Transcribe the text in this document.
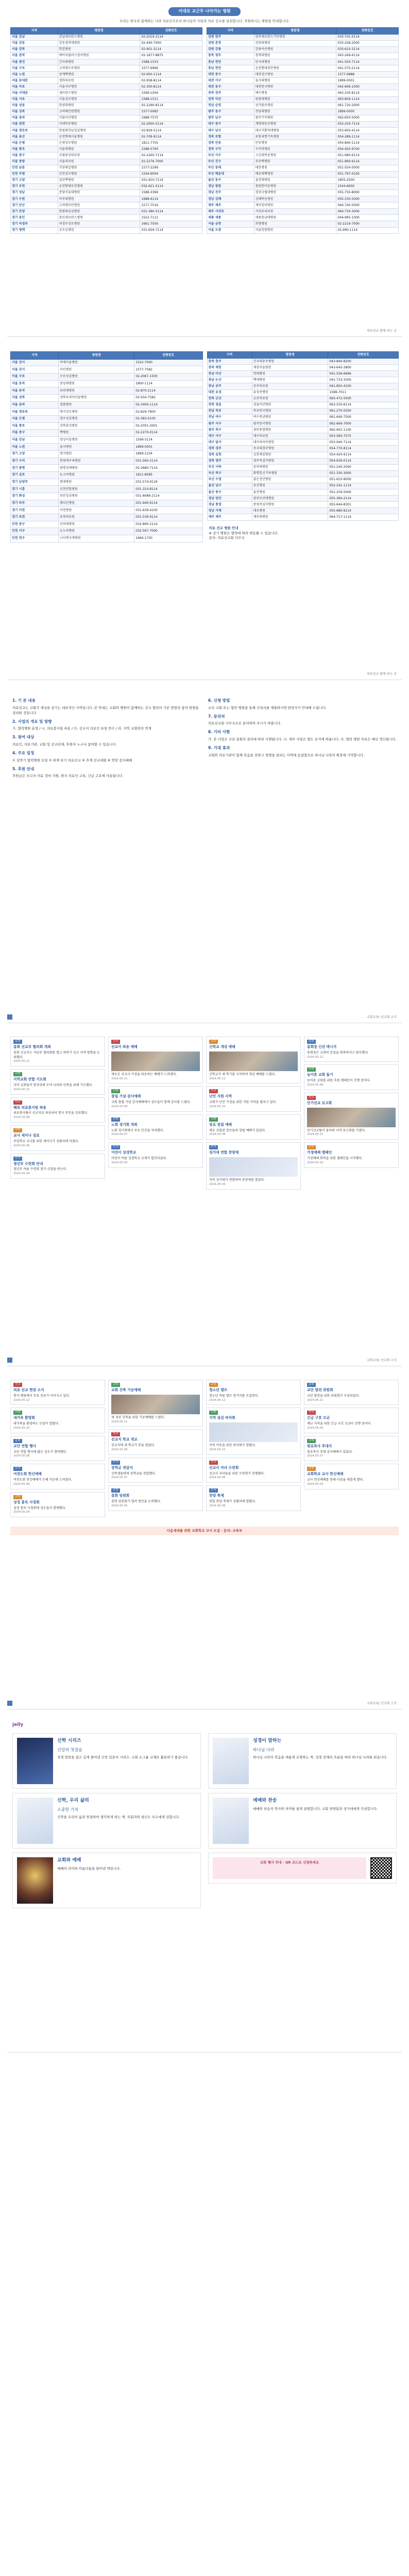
이대로 교근무 나아가는 병원

우리는 한국과 함께하는 나라 의료인으로서 하나님의 사랑과 의료 선교를 실천합니다. 후원하시는 병원을 안내합니다.

지역	병원명	전화번호
서울 강남	강남세브란스병원	02-2019-3114
서울 강동	강동경희대병원	02-440-7000
서울 강북	한일병원	02-901-3114
서울 관악	에이치플러스양지병원	02-1877-8875
서울 광진	건국대병원	1588-1533
서울 구로	고려대구로병원	1577-9966
서울 노원	상계백병원	02-950-1114
서울 동대문	경희의료원	02-958-8114
서울 마포	서울서부병원	02-300-8114
서울 서대문	세브란스병원	1599-1004
서울 서초	서울성모병원	1588-1511
서울 성동	한양대병원	02-2290-8114
서울 성북	고려대안암병원	1577-0083
서울 송파	서울아산병원	1688-7575
서울 양천	이대목동병원	02-2650-5114
서울 영등포	한림대강남성심병원	02-829-5114
서울 용산	순천향대서울병원	02-709-9114
서울 은평	은평성모병원	1811-7755
서울 종로	서울대병원	1588-5700
서울 중구	국립중앙의료원	02-2260-7114
서울 중랑	서울의료원	02-2276-7000
인천 남동	가천대길병원	1577-2299
인천 부평	인천성모병원	1544-9004
경기 고양	일산백병원	031-910-7114
경기 부천	순천향대부천병원	032-621-5114
경기 성남	분당서울대병원	1588-3369
경기 수원	아주대병원	1688-6114
경기 안산	고려대안산병원	1577-7516
경기 안양	한림대성심병원	031-380-3114
경기 용인	용인세브란스병원	1522-7112
경기 의정부	의정부성모병원	1661-7500
경기 평택	굿모닝병원	031-659-7114
지역	병원명	전화번호
강원 원주	원주세브란스기독병원	033-741-0114
강원 춘천	강원대병원	033-258-2000
강원 강릉	강릉아산병원	033-610-3114
충북 청주	충북대병원	043-269-6114
충남 천안	단국대병원	041-550-7114
충남 천안	순천향대천안병원	041-570-2114
대전 중구	대전성모병원	1577-0888
대전 서구	을지대병원	1899-0001
대전 동구	대전한국병원	042-606-1000
전북 전주	예수병원	063-230-8114
전북 익산	원광대병원	063-859-1114
전남 순천	성가롤로병원	061-720-2000
광주 동구	전남대병원	1899-0000
광주 남구	광주기독병원	062-650-5000
대구 중구	계명대동산병원	053-250-7114
대구 남구	대구가톨릭대병원	053-650-4114
경북 포항	포항세명기독병원	054-289-1114
경북 안동	안동병원	054-840-1114
경북 구미	구미차병원	054-450-9700
부산 서구	고신대복음병원	051-990-6114
부산 진구	부산백병원	051-890-6114
부산 동래	대동병원	051-554-5000
부산 해운대	해운대백병원	051-797-0100
울산 동구	울산대병원	1855-2500
경남 창원	창원한마음병원	1544-6600
경남 진주	경상국립대병원	055-750-8000
경남 김해	김해복음병원	055-330-5000
제주 제주	제주한라병원	064-740-5000
제주 서귀포	서귀포의료원	064-730-3000
세종 세종	세종충남대병원	044-995-1000
서울 금천	희명병원	02-2219-7000
서울 도봉	서울한방병원	02-990-1114
의료선교 함께 하는 곳
지역	병원명	전화번호
서울 강서	이대서울병원	1522-7000
서울 강서	부민병원	1577-7582
서울 구로	구로성심병원	02-2067-1500
서울 동작	중앙대병원	1800-1114
서울 동작	보라매병원	02-870-2114
서울 성북	성북우리아이들병원	02-934-7582
서울 송파	경찰병원	02-3400-1114
서울 영등포	명지성모병원	02-829-7800
서울 은평	청구성심병원	02-383-0100
서울 종로	강북삼성병원	02-2001-2001
서울 중구	백병원	02-2270-0114
서울 강남	삼성서울병원	1599-3114
서울 노원	을지병원	1899-0001
경기 고양	명지병원	1899-1234
경기 구리	한양대구리병원	031-560-2114
경기 광명	광명성애병원	02-2680-7114
경기 김포	뉴고려병원	1811-8585
경기 남양주	현대병원	031-574-9119
경기 시흥	신천연합병원	031-310-8114
경기 화성	동탄성심병원	031-8086-2114
경기 파주	메디인병원	031-940-9114
경기 이천	이천병원	031-639-4100
경기 포천	포천의료원	031-539-9114
인천 중구	인하대병원	032-890-2114
인천 서구	온누리병원	032-567-7000
인천 연수	나사렛국제병원	1666-1700
지역	병원명	전화번호
충북 충주	건국대충주병원	043-840-8200
충북 제천	제천서울병원	043-645-2800
충남 아산	현대병원	041-536-6666
충남 논산	백제병원	041-733-3300
충남 공주	공주의료원	041-850-4100
대전 유성	유성선병원	1588-7011
전북 군산	군산의료원	063-472-5000
전북 정읍	정읍아산병원	063-530-6114
전남 목포	목포한국병원	061-270-5500
전남 여수	여수전남병원	061-640-7500
광주 서구	광주한국병원	062-606-7000
광주 북구	첨단종합병원	062-601-1100
대구 서구	대구의료원	053-560-7575
대구 달서	대구파티마병원	053-940-7114
경북 경주	동국대경주병원	054-770-8114
경북 김천	김천제일병원	054-420-9114
경북 영주	영주적십자병원	054-639-0114
부산 사하	동아대병원	051-240-2000
부산 북구	화명일신기독병원	051-330-3000
부산 수영	좋은강안병원	051-610-9000
울산 남구	동강병원	052-241-1114
울산 중구	울산병원	052-259-5000
경남 양산	양산부산대병원	055-360-2114
경남 통영	통영적십자병원	055-644-8301
경남 거제	대우병원	055-680-8114
제주 제주	제주대병원	064-717-1114
의료 선교 병원 안내
※ 상기 병원은 협약에 따라 변동될 수 있습니다.
문의: 의료선교회 사무국
의료선교 함께 하는 곳
1. 기 본 내용

의료선교는 교회가 세상을 섬기는 대표적인 사역입니다. 본 안내는 교회와 병원이 함께하는 선교 협력의 기본 방향과 참여 방법을 정리한 것입니다.

2. 사업의 개요 및 방향

가. 협력병원 운영 / 나. 의료봉사팀 파송 / 다. 선교지 의료인 초청 연수 / 라. 지역 교회와의 연계

3. 참여 대상

의료인, 의료기관, 교회 및 선교단체, 후원자 누구나 참여할 수 있습니다.

4. 주요 일정

① 상반기 협력병원 모임 ② 하계 단기 의료선교 ③ 추계 선교대회 ④ 연말 감사예배

5. 후원 안내

후원금은 선교지 의료 장비 지원, 현지 의료인 교육, 긴급 구호에 사용됩니다.

6. 신청 방법

소속 교회 또는 협력 병원을 통해 신청서를 제출하시면 담당자가 안내해 드립니다.

7. 문의처

의료선교회 사무국으로 문의하여 주시기 바랍니다.

8. 기타 사항

가. 본 사업은 교단 총회의 결의에 따라 시행됩니다. 나. 세부 사항은 별도 공지에 따릅니다. 다. 협력 병원 목록은 매년 갱신됩니다.

9. 기대 효과

교회와 의료기관이 함께 복음을 전하고 생명을 살리는 사역에 동참함으로 하나님 나라의 확장에 기여합니다.

·	교회교육/ 선교회 소식
총회
총회 선교부 협의회 개최
총회 선교부는 지난주 협의회를 열고 하반기 선교 사역 방향을 논의했다.
2024.05.12
교회
지역교회 연합 기도회
지역 교회들이 한자리에 모여 나라와 민족을 위해 기도했다.
2024.05.10
선교
해외 의료봉사팀 파송
의료봉사팀이 선교지로 파송되어 현지 주민을 진료했다.
2024.05.08
교육
교사 세미나 성료
주일학교 교사를 위한 세미나가 성황리에 마쳤다.
2024.05.06
소식
청년부 수련회 안내
청년부 여름 수련회 참가 신청을 받는다.
2024.05.04
선교
선교사 파송 예배
새로운 선교사 가정을 파송하는 예배가 드려졌다.
2024.05.11
교회
창립 기념 감사예배
교회 창립 기념 감사예배에서 성도들이 함께 감사를 드렸다.
2024.05.09
총회
노회 정기회 개최
노회 정기회에서 주요 안건을 처리했다.
2024.05.07
소식
어린이 성경학교
어린이 여름 성경학교 교재가 발간되었다.
2024.05.05
교육
신학교 개강 예배
신학교가 새 학기를 시작하며 개강 예배를 드렸다.
2024.05.12
선교
난민 지원 사역
교회가 난민 가정을 위한 지원 사역을 펼치고 있다.
2024.05.10
교회
장로 장립 예배
새로 선출된 장로들의 장립 예배가 있었다.
2024.05.08
소식
성가대 연합 찬양제
지역 성가대가 연합하여 찬양제를 열었다.
2024.05.03
총회
총회장 신년 메시지
총회장은 교회의 본질을 회복하자고 당부했다.
2024.05.12
교회
농어촌 교회 돕기
농어촌 교회를 위한 후원 캠페인이 진행 중이다.
2024.05.09
선교
단기선교 보고회
단기선교팀이 돌아와 사역 보고회를 가졌다.
2024.05.07
교육
가정예배 캠페인
가정예배 회복을 위한 캠페인을 시작했다.
2024.05.02
·	교회교육/ 선교회 소식
선교
의료 선교 현장 소식
현지 병원에서 무료 진료가 이어지고 있다.
2024.05.12
교회
새가족 환영회
새가족을 환영하는 모임이 열렸다.
2024.05.10
총회
교단 연합 행사
교단 연합 행사에 많은 성도가 참여했다.
2024.05.08
소식
여전도회 헌신예배
여전도회 헌신예배가 은혜 가운데 드려졌다.
2024.05.06
교육
성경 통독 사경회
성경 통독 사경회에 성도들이 함께했다.
2024.05.04
교회
교회 건축 기공예배
새 성전 건축을 위한 기공예배를 드렸다.
2024.05.11
선교
선교지 학교 개교
선교지에 새 학교가 문을 열었다.
2024.05.09
소식
장학금 전달식
신학생들에게 장학금을 전달했다.
2024.05.07
총회
총회 임원회
총회 임원회가 열려 현안을 논의했다.
2024.05.05
교육
청소년 캠프
청소년 여름 캠프 참가자를 모집한다.
2024.05.12
교회
지역 섬김 바자회
지역 이웃을 위한 바자회가 열렸다.
2024.05.10
선교
선교사 자녀 수련회
선교사 자녀들을 위한 수련회가 진행됐다.
2024.05.08
소식
찬양 축제
연합 찬양 축제가 성황리에 열렸다.
2024.05.06
총회
교단 발전 위원회
교단 발전을 위한 위원회가 구성되었다.
2024.05.11
선교
긴급 구호 모금
재난 지역을 위한 긴급 구호 모금이 진행 중이다.
2024.05.09
교회
원로목사 추대식
원로목사 추대 감사예배가 있었다.
2024.05.07
교육
교회학교 교사 헌신예배
교사 헌신예배를 통해 다짐을 새롭게 했다.
2024.05.03
다음세대를 위한 교회학교 교사 모집 · 문의: 교육부
·	교회교육/ 선교회 소식
jelly
신학 시리즈
신앙의 첫걸음
성경 말씀을 쉽고 깊게 풀어낸 신앙 입문서 시리즈. 교회 소그룹 교재로 활용하기 좋습니다.
신학, 우리 삶의
소중한 가치
신학을 우리의 삶과 연결하여 생각하게 하는 책. 목회자와 평신도 모두에게 권합니다.
교회와 예배
예배의 의미와 아름다움을 담아낸 책입니다.
성경이 말하는
하나님 나라
하나님 나라의 복음을 새롭게 조명하는 책. 성경 전체의 흐름을 따라 하나님 나라를 읽습니다.
예배와 찬송
예배와 찬송의 역사와 의미를 쉽게 설명합니다. 교회 찬양팀과 성가대에게 추천합니다.
교회 행사 안내 · QR 코드로 신청하세요
